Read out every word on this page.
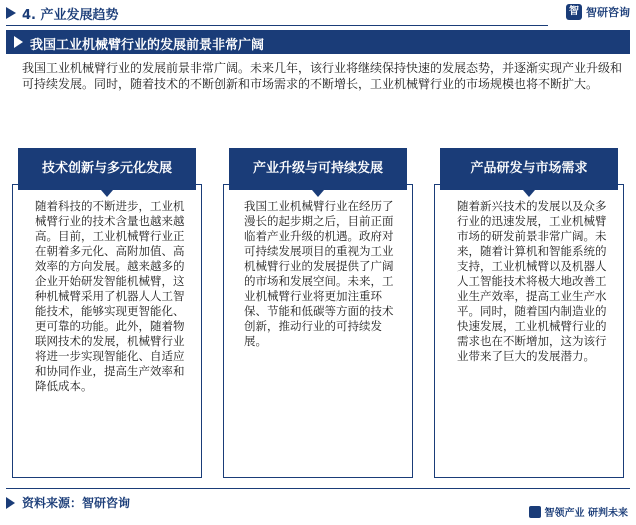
4. 产业发展趋势	智 智研咨询
我国工业机械臂行业的发展前景非常广阔

我国工业机械臂行业的发展前景非常广阔。未来几年，该行业将继续保持快速的发展态势，并逐渐实现产业升级和可持续发展。同时，随着技术的不断创新和市场需求的不断增长，工业机械臂行业的市场规模也将不断扩大。

随着科技的不断进步，工业机械臂行业的技术含量也越来越高。目前，工业机械臂行业正在朝着多元化、高附加值、高效率的方向发展。越来越多的企业开始研发智能机械臂，这种机械臂采用了机器人人工智能技术，能够实现更智能化、更可靠的功能。此外，随着物联网技术的发展，机械臂行业将进一步实现智能化、自适应和协同作业，提高生产效率和降低成本。
技术创新与多元化发展
我国工业机械臂行业在经历了漫长的起步期之后，目前正面临着产业升级的机遇。政府对可持续发展项目的重视为工业机械臂行业的发展提供了广阔的市场和发展空间。未来，工业机械臂行业将更加注重环保、节能和低碳等方面的技术创新，推动行业的可持续发展。
产业升级与可持续发展
随着新兴技术的发展以及众多行业的迅速发展，工业机械臂市场的研发前景非常广阔。未来，随着计算机和智能系统的支持，工业机械臂以及机器人人工智能技术将极大地改善工业生产效率，提高工业生产水平。同时，随着国内制造业的快速发展，工业机械臂行业的需求也在不断增加，这为该行业带来了巨大的发展潜力。
产品研发与市场需求
资料来源：智研咨询
智领产业 研判未来
